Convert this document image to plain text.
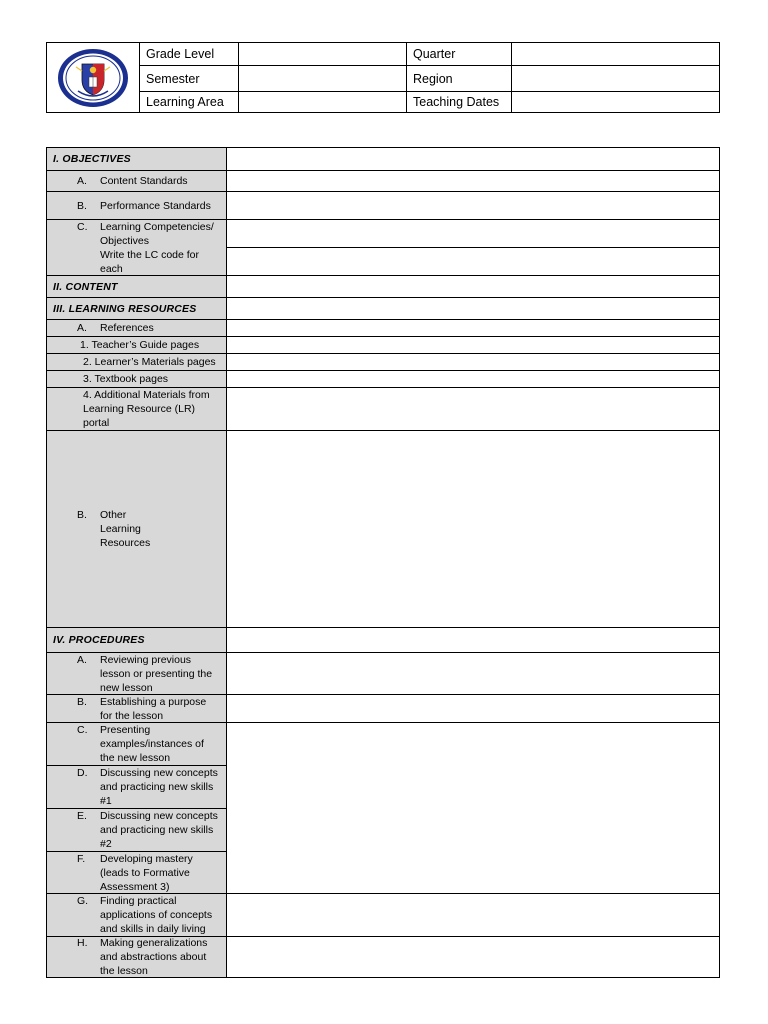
Grade Level
Semester
Learning Area
Quarter
Region
Teaching Dates
I. OBJECTIVES
A. Content Standards
B. Performance Standards
C. Learning Competencies/ Objectives
Write the LC code for each
II. CONTENT
III. LEARNING RESOURCES
A. References
1. Teacher’s Guide pages
2. Learner’s Materials pages
3. Textbook pages
4. Additional Materials from Learning Resource (LR) portal
B. Other Learning Resources
IV. PROCEDURES
A. Reviewing previous lesson or presenting the new lesson
B. Establishing a purpose for the lesson
C. Presenting examples/instances of the new lesson
D. Discussing new concepts and practicing new skills #1
E. Discussing new concepts and practicing new skills #2
F. Developing mastery (leads to Formative Assessment 3)
G. Finding practical applications of concepts and skills in daily living
H. Making generalizations and abstractions about the lesson
